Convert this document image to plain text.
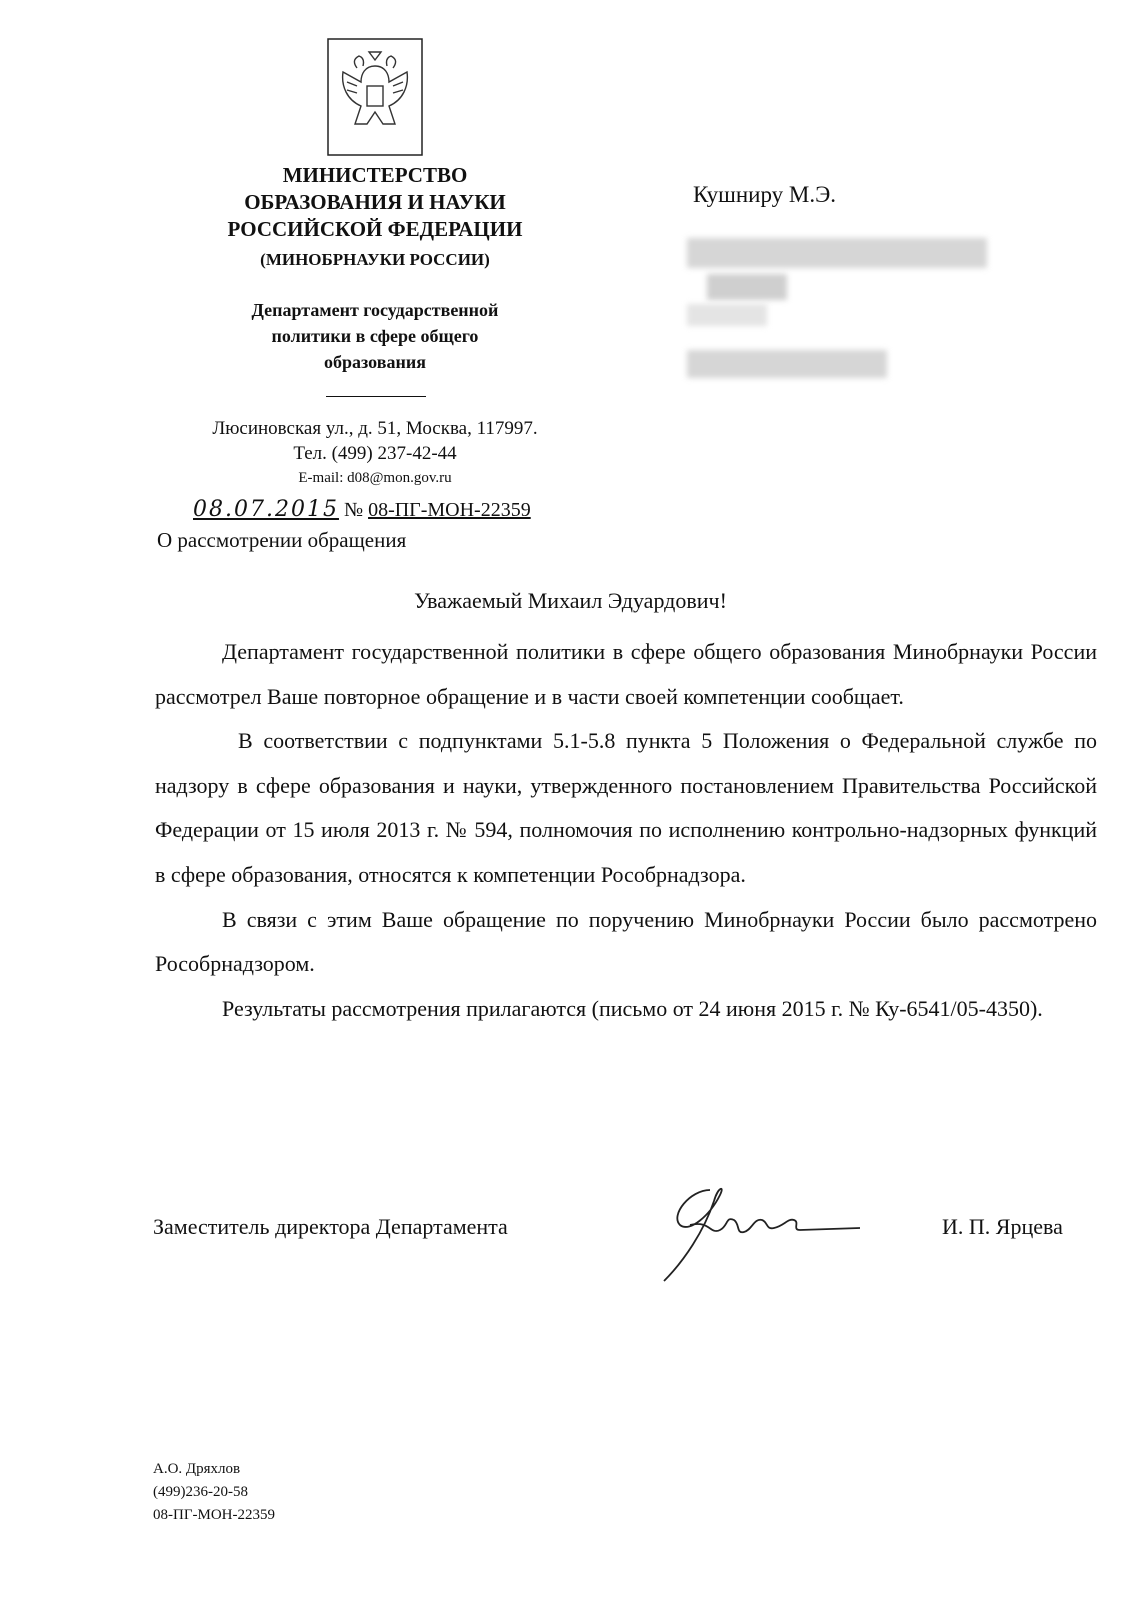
МИНИСТЕРСТВО
ОБРАЗОВАНИЯ И НАУКИ
РОССИЙСКОЙ ФЕДЕРАЦИИ
(МИНОБРНАУКИ РОССИИ)
Департамент государственной
политики в сфере общего
образования
Люсиновская ул., д. 51, Москва, 117997.
Тел. (499) 237-42-44
E-mail: d08@mon.gov.ru
08.07.2015 № 08-ПГ-МОН-22359
О рассмотрении обращения
Кушниру М.Э.
Уважаемый Михаил Эдуардович!

Департамент государственной политики в сфере общего образования Минобрнауки России рассмотрел Ваше повторное обращение и в части своей компетенции сообщает.

В соответствии с подпунктами 5.1-5.8 пункта 5 Положения о Федеральной службе по надзору в сфере образования и науки, утвержденного постановлением Правительства Российской Федерации от 15 июля 2013 г. № 594, полномочия по исполнению контрольно-надзорных функций в сфере образования, относятся к компетенции Рособрнадзора.

В связи с этим Ваше обращение по поручению Минобрнауки России было рассмотрено Рособрнадзором.

Результаты рассмотрения прилагаются (письмо от 24 июня 2015 г. № Ку-6541/05-4350).

Заместитель директора Департамента	И. П. Ярцева
А.О. Дряхлов
(499)236-20-58
08-ПГ-МОН-22359
